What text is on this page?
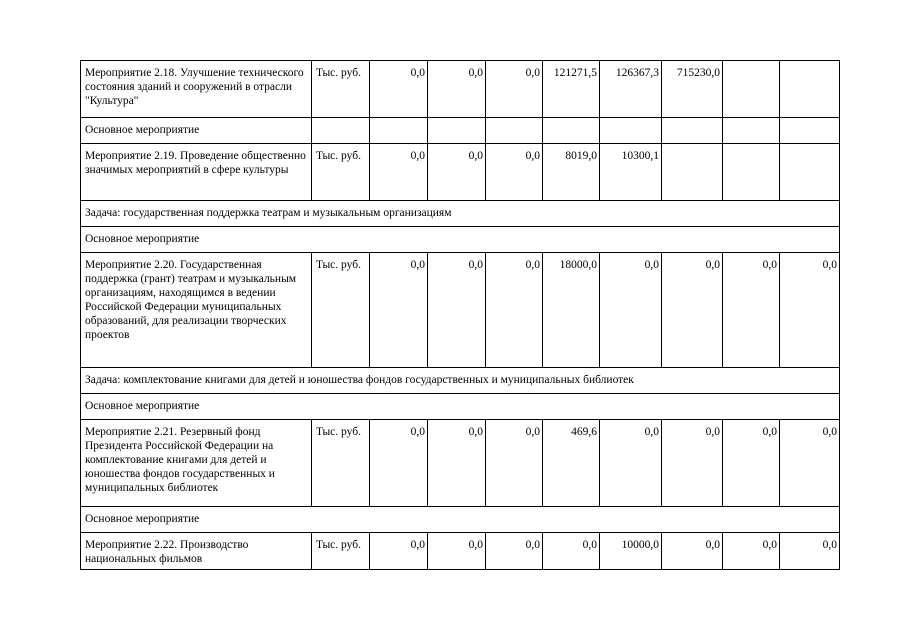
Мероприятие 2.18. Улучшение технического состояния зданий и сооружений в отрасли "Культура"	Тыс. руб.	0,0	0,0	0,0	121271,5	126367,3	715230,0		
Основное мероприятие									
Мероприятие 2.19. Проведение общественно значимых мероприятий в сфере культуры	Тыс. руб.	0,0	0,0	0,0	8019,0	10300,1			
Задача: государственная поддержка театрам и музыкальным организациям									
Основное мероприятие									
Мероприятие 2.20. Государственная поддержка (грант) театрам и музыкальным организациям, находящимся в ведении Российской Федерации муниципальных образований, для реализации творческих проектов	Тыс. руб.	0,0	0,0	0,0	18000,0	0,0	0,0	0,0	0,0
Задача: комплектование книгами для детей и юношества фондов государственных и муниципальных библиотек									
Основное мероприятие									
Мероприятие 2.21. Резервный фонд Президента Российской Федерации на комплектование книгами для детей и юношества фондов государственных и муниципальных библиотек	Тыс. руб.	0,0	0,0	0,0	469,6	0,0	0,0	0,0	0,0
Основное мероприятие									
Мероприятие 2.22. Производство национальных фильмов	Тыс. руб.	0,0	0,0	0,0	0,0	10000,0	0,0	0,0	0,0
